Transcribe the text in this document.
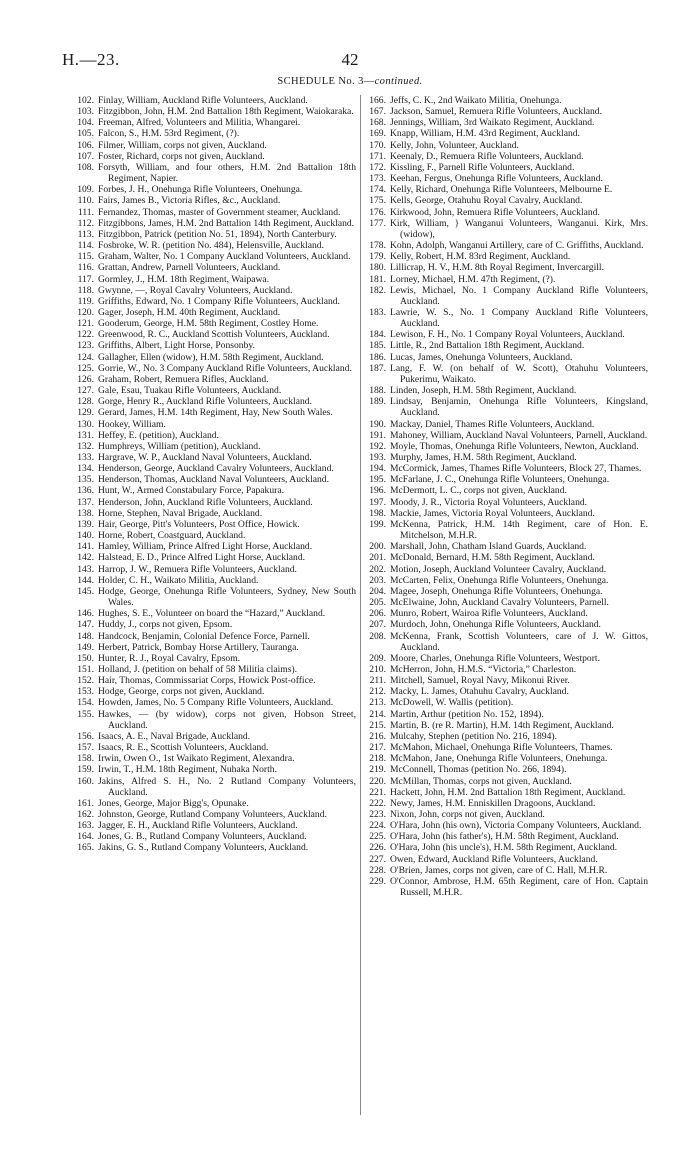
H.—23.	42
SCHEDULE No. 3—continued.
102. Finlay, William, Auckland Rifle Volunteers, Auckland.
103. Fitzgibbon, John, H.M. 2nd Battalion 18th Regiment, Waiokaraka.
104. Freeman, Alfred, Volunteers and Militia, Whangarei.
105. Falcon, S., H.M. 53rd Regiment, (?).
106. Filmer, William, corps not given, Auckland.
107. Foster, Richard, corps not given, Auckland.
108. Forsyth, William, and four others, H.M. 2nd Battalion 18th Regiment, Napier.
109. Forbes, J. H., Onehunga Rifle Volunteers, Onehunga.
110. Fairs, James B., Victoria Rifles, &c., Auckland.
111. Fernandez, Thomas, master of Government steamer, Auckland.
112. Fitzgibbons, James, H.M. 2nd Battalion 14th Regiment, Auckland.
113. Fitzgibbon, Patrick (petition No. 51, 1894), North Canterbury.
114. Fosbroke, W. R. (petition No. 484), Helensville, Auckland.
115. Graham, Walter, No. 1 Company Auckland Volunteers, Auckland.
116. Grattan, Andrew, Parnell Volunteers, Auckland.
117. Gormley, J., H.M. 18th Regiment, Waipawa.
118. Gwynne, —, Royal Cavalry Volunteers, Auckland.
119. Griffiths, Edward, No. 1 Company Rifle Volunteers, Auckland.
120. Gager, Joseph, H.M. 40th Regiment, Auckland.
121. Gooderum, George, H.M. 58th Regiment, Costley Home.
122. Greenwood, R. C., Auckland Scottish Volunteers, Auckland.
123. Griffiths, Albert, Light Horse, Ponsonby.
124. Gallagher, Ellen (widow), H.M. 58th Regiment, Auckland.
125. Gorrie, W., No. 3 Company Auckland Rifle Volunteers, Auckland.
126. Graham, Robert, Remuera Rifles, Auckland.
127. Gale, Esau, Tuakau Rifle Volunteers, Auckland.
128. Gorge, Henry R., Auckland Rifle Volunteers, Auckland.
129. Gerard, James, H.M. 14th Regiment, Hay, New South Wales.
130. Hookey, William.
131. Heffey, E. (petition), Auckland.
132. Humphreys, William (petition), Auckland.
133. Hargrave, W. P., Auckland Naval Volunteers, Auckland.
134. Henderson, George, Auckland Cavalry Volunteers, Auckland.
135. Henderson, Thomas, Auckland Naval Volunteers, Auckland.
136. Hunt, W., Armed Constabulary Force, Papakura.
137. Henderson, John, Auckland Rifle Volunteers, Auckland.
138. Horne, Stephen, Naval Brigade, Auckland.
139. Hair, George, Pitt's Volunteers, Post Office, Howick.
140. Horne, Robert, Coastguard, Auckland.
141. Hamley, William, Prince Alfred Light Horse, Auckland.
142. Halstead, E. D., Prince Alfred Light Horse, Auckland.
143. Harrop, J. W., Remuera Rifle Volunteers, Auckland.
144. Holder, C. H., Waikato Militia, Auckland.
145. Hodge, George, Onehunga Rifle Volunteers, Sydney, New South Wales.
146. Hughes, S. E., Volunteer on board the “Hazard,” Auckland.
147. Huddy, J., corps not given, Epsom.
148. Handcock, Benjamin, Colonial Defence Force, Parnell.
149. Herbert, Patrick, Bombay Horse Artillery, Tauranga.
150. Hunter, R. J., Royal Cavalry, Epsom.
151. Holland, J. (petition on behalf of 58 Militia claims).
152. Hair, Thomas, Commissariat Corps, Howick Post-office.
153. Hodge, George, corps not given, Auckland.
154. Howden, James, No. 5 Company Rifle Volunteers, Auckland.
155. Hawkes, — (by widow), corps not given, Hobson Street, Auckland.
156. Isaacs, A. E., Naval Brigade, Auckland.
157. Isaacs, R. E., Scottish Volunteers, Auckland.
158. Irwin, Owen O., 1st Waikato Regiment, Alexandra.
159. Irwin, T., H.M. 18th Regiment, Nuhaka North.
160. Jakins, Alfred S. H., No. 2 Rutland Company Volunteers, Auckland.
161. Jones, George, Major Bigg's, Opunake.
162. Johnston, George, Rutland Company Volunteers, Auckland.
163. Jagger, E. H., Auckland Rifle Volunteers, Auckland.
164. Jones, G. B., Rutland Company Volunteers, Auckland.
165. Jakins, G. S., Rutland Company Volunteers, Auckland.
166. Jeffs, C. K., 2nd Waikato Militia, Onehunga.
167. Jackson, Samuel, Remuera Rifle Volunteers, Auckland.
168. Jennings, William, 3rd Waikato Regiment, Auckland.
169. Knapp, William, H.M. 43rd Regiment, Auckland.
170. Kelly, John, Volunteer, Auckland.
171. Keenaly, D., Remuera Rifle Volunteers, Auckland.
172. Kissling, F., Parnell Rifle Volunteers, Auckland.
173. Keehan, Fergus, Onehunga Rifle Volunteers, Auckland.
174. Kelly, Richard, Onehunga Rifle Volunteers, Melbourne E.
175. Kells, George, Otahuhu Royal Cavalry, Auckland.
176. Kirkwood, John, Remuera Rifle Volunteers, Auckland.
177. Kirk, William, } Wanganui Volunteers, Wanganui. Kirk, Mrs. (widow),
178. Kohn, Adolph, Wanganui Artillery, care of C. Griffiths, Auckland.
179. Kelly, Robert, H.M. 83rd Regiment, Auckland.
180. Lillicrap, H. V., H.M. 8th Royal Regiment, Invercargill.
181. Lorney, Michael, H.M. 47th Regiment, (?).
182. Lewis, Michael, No. 1 Company Auckland Rifle Volunteers, Auckland.
183. Lawrie, W. S., No. 1 Company Auckland Rifle Volunteers, Auckland.
184. Lewison, F. H., No. 1 Company Royal Volunteers, Auckland.
185. Little, R., 2nd Battalion 18th Regiment, Auckland.
186. Lucas, James, Onehunga Volunteers, Auckland.
187. Lang, F. W. (on behalf of W. Scott), Otahuhu Volunteers, Pukerimu, Waikato.
188. Linden, Joseph, H.M. 58th Regiment, Auckland.
189. Lindsay, Benjamin, Onehunga Rifle Volunteers, Kingsland, Auckland.
190. Mackay, Daniel, Thames Rifle Volunteers, Auckland.
191. Mahoney, William, Auckland Naval Volunteers, Parnell, Auckland.
192. Moyle, Thomas, Onehunga Rifle Volunteers, Newton, Auckland.
193. Murphy, James, H.M. 58th Regiment, Auckland.
194. McCormick, James, Thames Rifle Volunteers, Block 27, Thames.
195. McFarlane, J. C., Onehunga Rifle Volunteers, Onehunga.
196. McDermott, L. C., corps not given, Auckland.
197. Moody, J. R., Victoria Royal Volunteers, Auckland.
198. Mackie, James, Victoria Royal Volunteers, Auckland.
199. McKenna, Patrick, H.M. 14th Regiment, care of Hon. E. Mitchelson, M.H.R.
200. Marshall, John, Chatham Island Guards, Auckland.
201. McDonald, Bernard, H.M. 58th Regiment, Auckland.
202. Motion, Joseph, Auckland Volunteer Cavalry, Auckland.
203. McCarten, Felix, Onehunga Rifle Volunteers, Onehunga.
204. Magee, Joseph, Onehunga Rifle Volunteers, Onehunga.
205. McElwaine, John, Auckland Cavalry Volunteers, Parnell.
206. Munro, Robert, Wairoa Rifle Volunteers, Auckland.
207. Murdoch, John, Onehunga Rifle Volunteers, Auckland.
208. McKenna, Frank, Scottish Volunteers, care of J. W. Gittos, Auckland.
209. Moore, Charles, Onehunga Rifle Volunteers, Westport.
210. McHerron, John, H.M.S. “Victoria,” Charleston.
211. Mitchell, Samuel, Royal Navy, Mikonui River.
212. Macky, L. James, Otahuhu Cavalry, Auckland.
213. McDowell, W. Wallis (petition).
214. Martin, Arthur (petition No. 152, 1894).
215. Martin, B. (re R. Martin), H.M. 14th Regiment, Auckland.
216. Mulcahy, Stephen (petition No. 216, 1894).
217. McMahon, Michael, Onehunga Rifle Volunteers, Thames.
218. McMahon, Jane, Onehunga Rifle Volunteers, Onehunga.
219. McConnell, Thomas (petition No. 266, 1894).
220. McMillan, Thomas, corps not given, Auckland.
221. Hackett, John, H.M. 2nd Battalion 18th Regiment, Auckland.
222. Newy, James, H.M. Enniskillen Dragoons, Auckland.
223. Nixon, John, corps not given, Auckland.
224. O'Hara, John (his own), Victoria Company Volunteers, Auckland.
225. O'Hara, John (his father's), H.M. 58th Regiment, Auckland.
226. O'Hara, John (his uncle's), H.M. 58th Regiment, Auckland.
227. Owen, Edward, Auckland Rifle Volunteers, Auckland.
228. O'Brien, James, corps not given, care of C. Hall, M.H.R.
229. O'Connor, Ambrose, H.M. 65th Regiment, care of Hon. Captain Russell, M.H.R.
